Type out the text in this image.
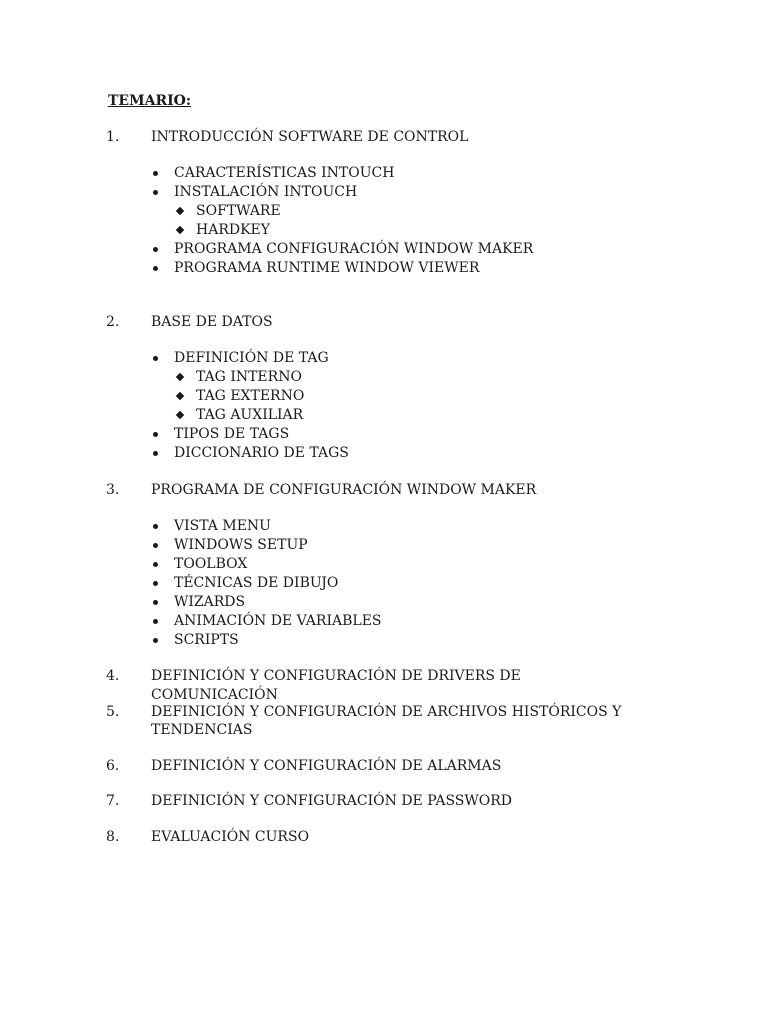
TEMARIO:
1. INTRODUCCIÓN SOFTWARE DE CONTROL
CARACTERÍSTICAS INTOUCH
INSTALACIÓN INTOUCH
SOFTWARE
HARDKEY
PROGRAMA CONFIGURACIÓN WINDOW MAKER
PROGRAMA RUNTIME WINDOW VIEWER
2. BASE DE DATOS
DEFINICIÓN DE TAG
TAG INTERNO
TAG EXTERNO
TAG AUXILIAR
TIPOS DE TAGS
DICCIONARIO DE TAGS
3. PROGRAMA DE CONFIGURACIÓN WINDOW MAKER
VISTA MENU
WINDOWS SETUP
TOOLBOX
TÉCNICAS DE DIBUJO
WIZARDS
ANIMACIÓN DE VARIABLES
SCRIPTS
4. DEFINICIÓN Y CONFIGURACIÓN DE DRIVERS DE COMUNICACIÓN
5. DEFINICIÓN Y CONFIGURACIÓN DE ARCHIVOS HISTÓRICOS Y
TENDENCIAS
6. DEFINICIÓN Y CONFIGURACIÓN DE ALARMAS
7. DEFINICIÓN Y CONFIGURACIÓN DE PASSWORD
8. EVALUACIÓN CURSO
